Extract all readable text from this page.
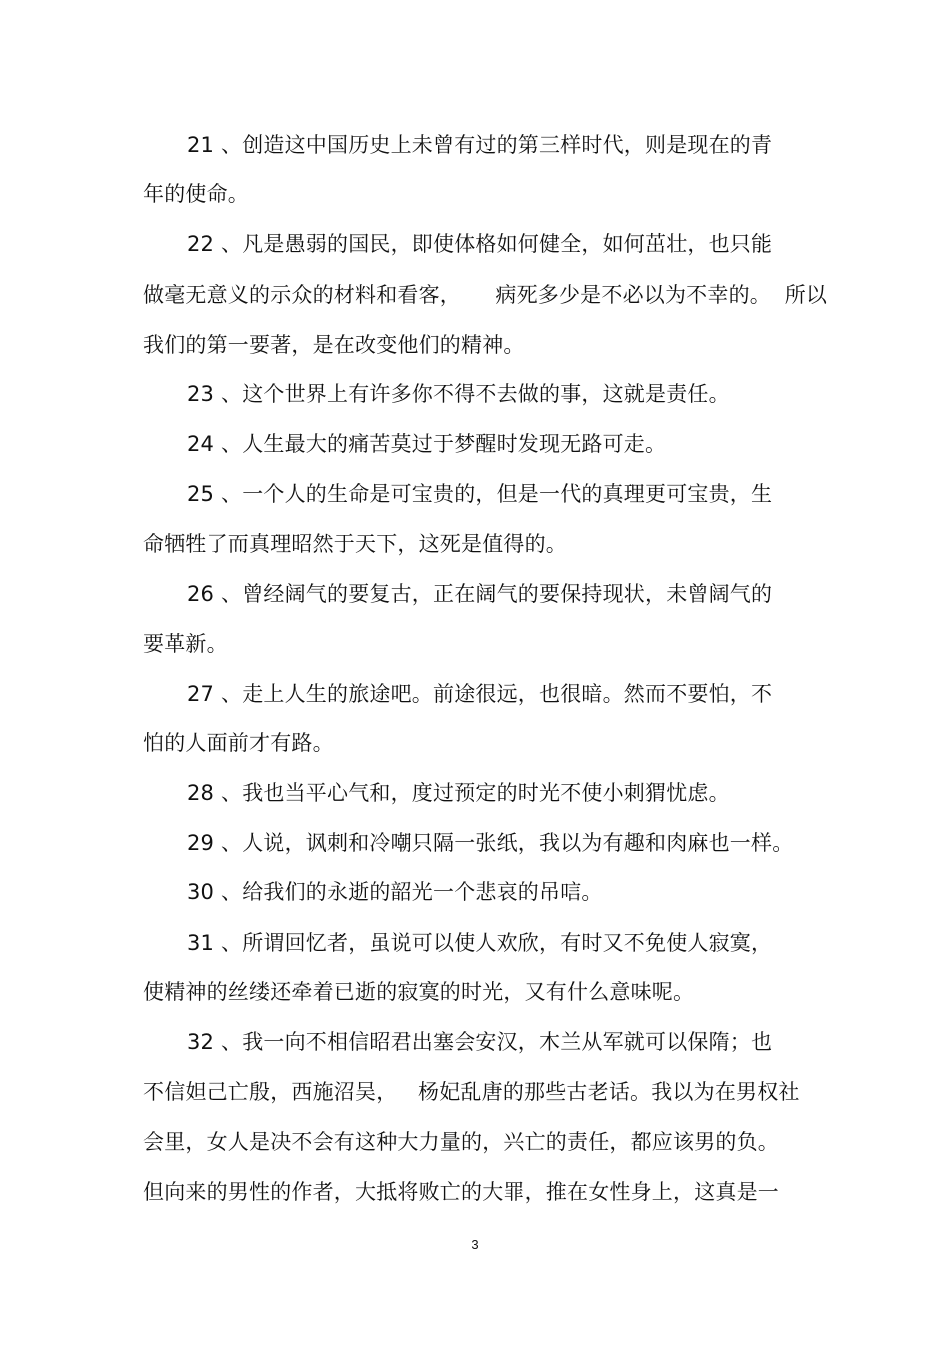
21 、创造这中国历史上未曾有过的第三样时代，则是现在的青
年的使命。
22 、凡是愚弱的国民，即使体格如何健全，如何茁壮，也只能
做毫无意义的示众的材料和看客，     病死多少是不必以为不幸的。  所以
我们的第一要著，是在改变他们的精神。
23 、这个世界上有许多你不得不去做的事，这就是责任。
24 、人生最大的痛苦莫过于梦醒时发现无路可走。
25 、一个人的生命是可宝贵的，但是一代的真理更可宝贵，生
命牺牲了而真理昭然于天下，这死是值得的。
26 、曾经阔气的要复古，正在阔气的要保持现状，未曾阔气的
要革新。
27 、走上人生的旅途吧。前途很远，也很暗。然而不要怕，不
怕的人面前才有路。
28 、我也当平心气和，度过预定的时光不使小刺猬忧虑。
29 、人说，讽刺和冷嘲只隔一张纸，我以为有趣和肉麻也一样。
30 、给我们的永逝的韶光一个悲哀的吊唁。
31 、所谓回忆者，虽说可以使人欢欣，有时又不免使人寂寞，
使精神的丝缕还牵着已逝的寂寞的时光，又有什么意味呢。
32 、我一向不相信昭君出塞会安汉，木兰从军就可以保隋；也
不信妲己亡殷，西施沼吴，   杨妃乱唐的那些古老话。我以为在男权社
会里，女人是决不会有这种大力量的，兴亡的责任，都应该男的负。
但向来的男性的作者，大抵将败亡的大罪，推在女性身上，这真是一
3
